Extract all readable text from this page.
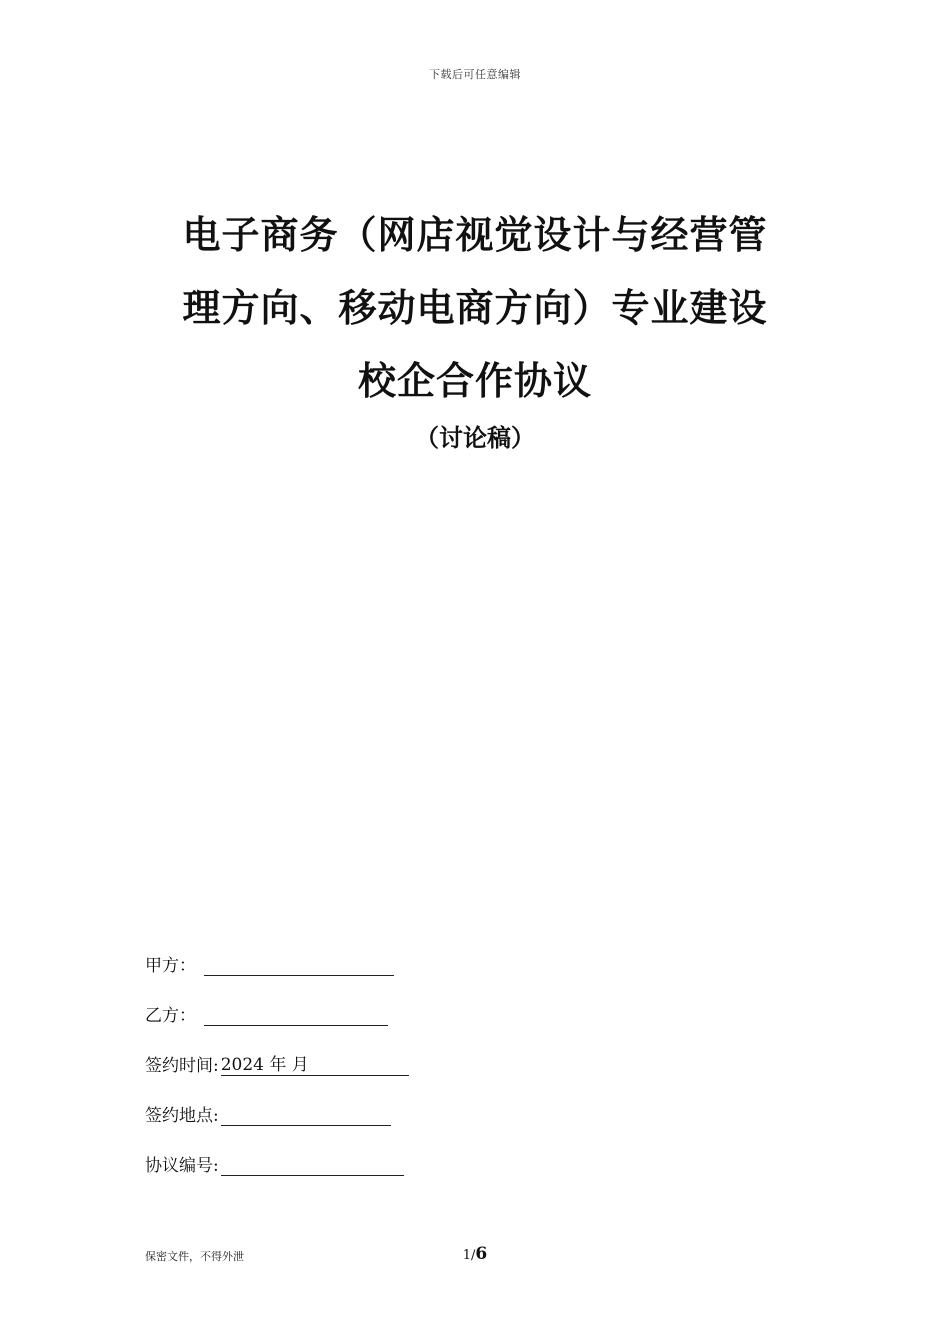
下载后可任意编辑
电子商务（网店视觉设计与经营管
理方向、移动电商方向）专业建设
校企合作协议
（讨论稿）
甲方：
乙方：
签约时间: 2024 年 月
签约地点:
协议编号:
保密文件，不得外泄	1/6
